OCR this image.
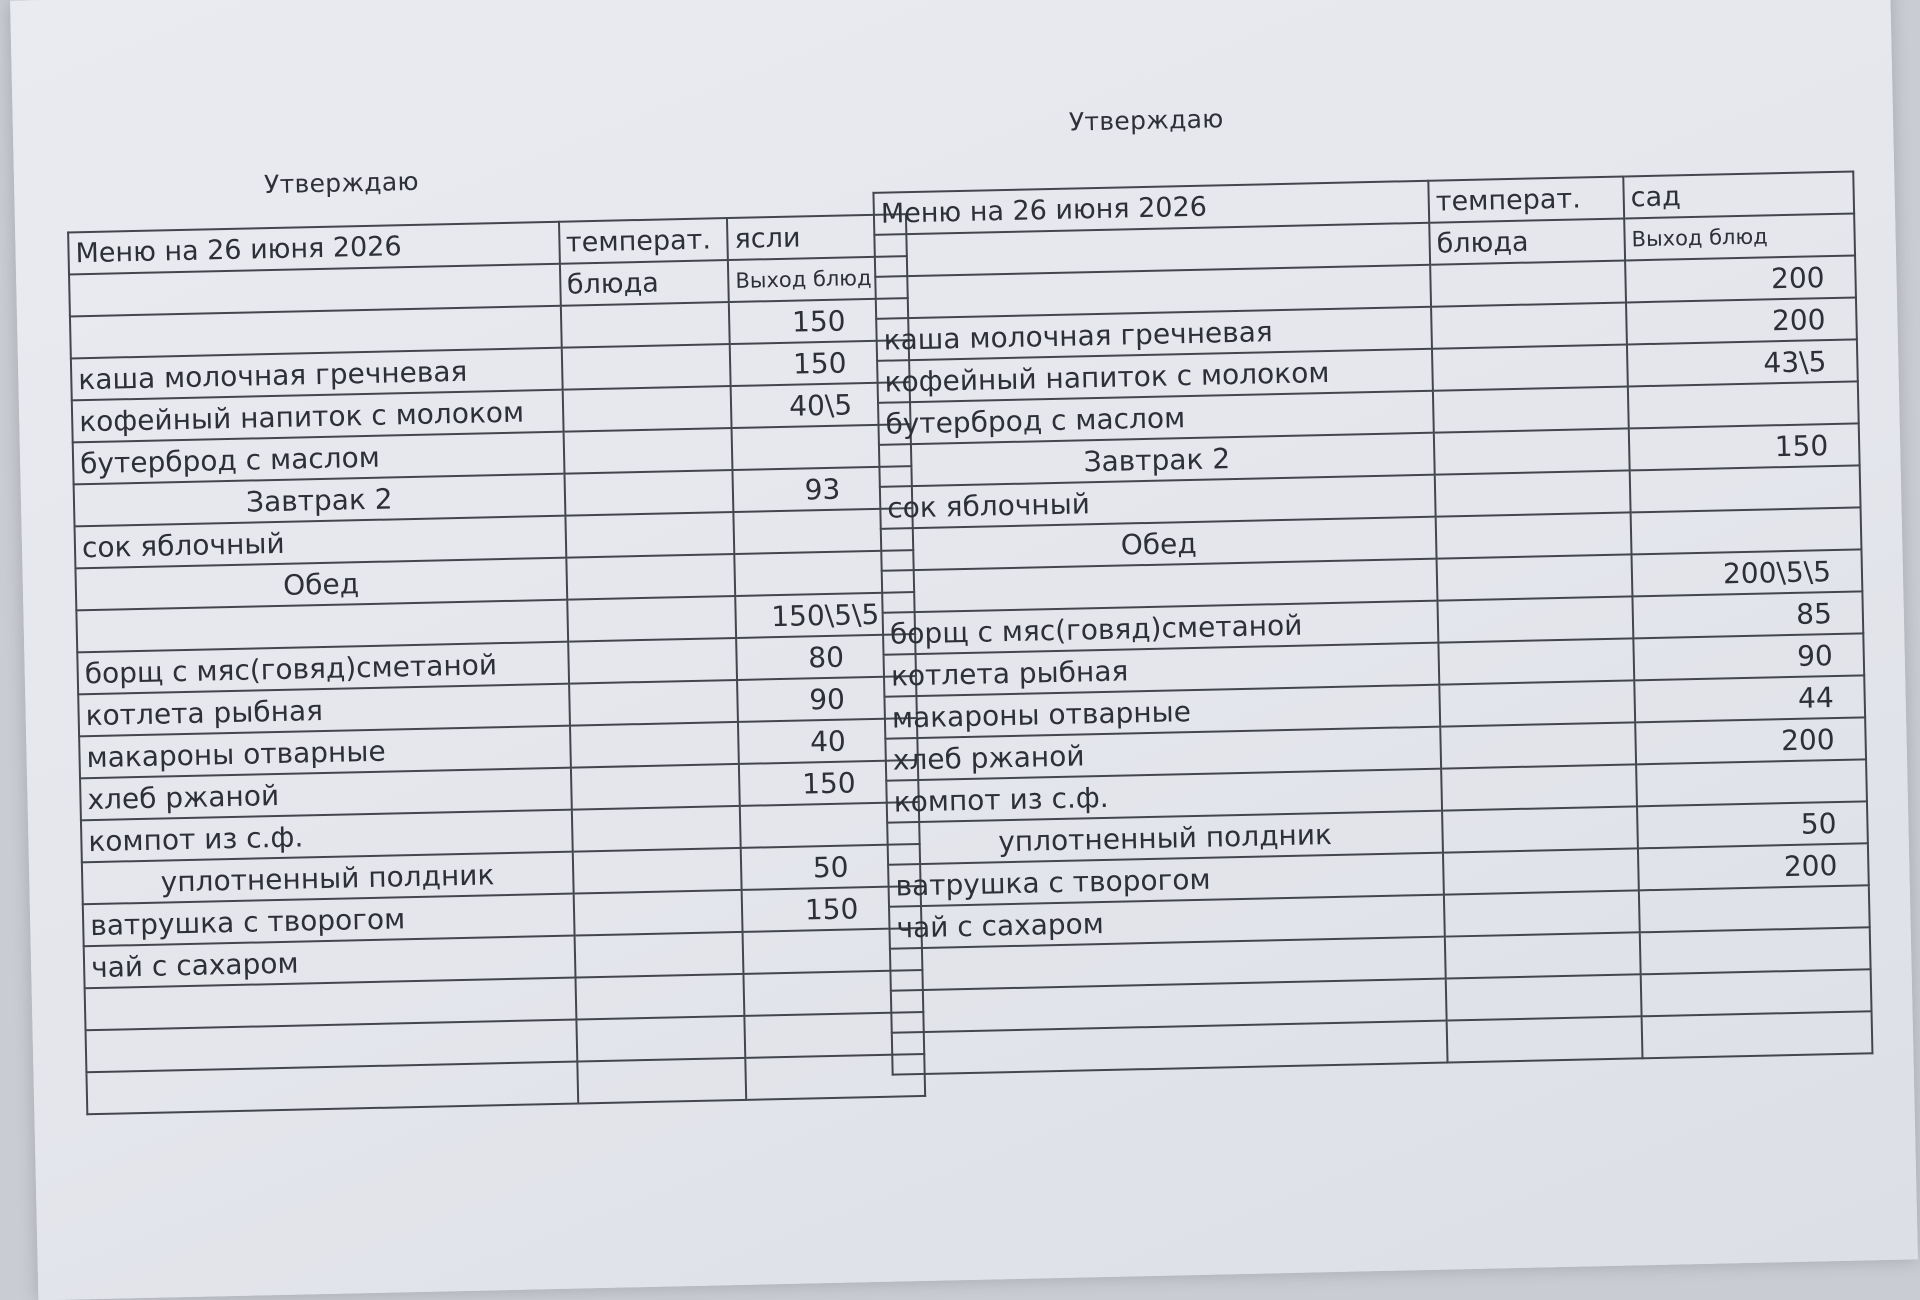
Утверждаю
Утверждаю
Меню на 26 июня 2026	температ.	ясли
	блюда	Выход блюд
		150
каша молочная гречневая		150
кофейный напиток с молоком		40\5
бутерброд с маслом		
Завтрак 2		93
сок яблочный		
Обед		
		150\5\5
борщ с мяс(говяд)сметаной		80
котлета рыбная		90
макароны отварные		40
хлеб ржаной		150
компот из с.ф.		
уплотненный полдник		50
ватрушка с творогом		150
чай с сахаром		

Меню на 26 июня 2026	температ.	сад
	блюда	Выход блюд
		200
каша молочная гречневая		200
кофейный напиток с молоком		43\5
бутерброд с маслом		
Завтрак 2		150
сок яблочный		
Обед		
		200\5\5
борщ с мяс(говяд)сметаной		85
котлета рыбная		90
макароны отварные		44
хлеб ржаной		200
компот из с.ф.		
уплотненный полдник		50
ватрушка с творогом		200
чай с сахаром		
